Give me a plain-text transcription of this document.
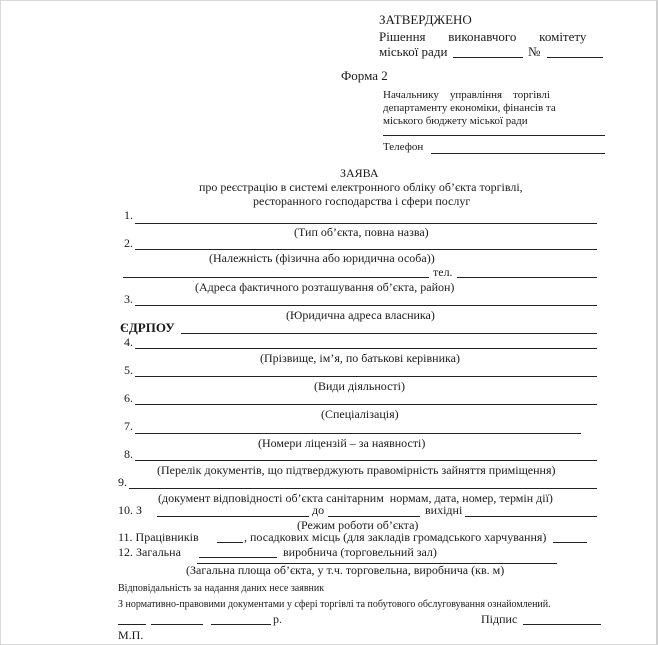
ЗАТВЕРДЖЕНО
Рішення       виконавчого       комітету
міської ради	№
Форма 2
Начальнику    управління    торгівлі
департаменту економіки, фінансів та
міського бюджету міської ради
Телефон
ЗАЯВА
про реєстрацію в системі електронного обліку об’єкта торгівлі,
ресторанного господарства і сфери послуг
1.
(Тип об’єкта, повна назва)
2.
(Належність (фізична або юридична особа))
тел.
(Адреса фактичного розташування об’єкта, район)
3.
(Юридична адреса власника)
ЄДРПОУ
4.
(Прізвище, ім’я, по батькові керівника)
5.
(Види діяльності)
6.
(Спеціалізація)
7.
(Номери ліцензій – за наявності)
8.
(Перелік документів, що підтверджують правомірність зайняття приміщення)
9.
(документ відповідності об’єкта санітарним  нормам, дата, номер, термін дії)
10. З	до	вихідні
(Режим роботи об’єкта)
11. Працівників	, посадкових місць (для закладів громадського харчування)
12. Загальна	виробнича (торговельний зал)
(Загальна площа об’єкта, у т.ч. торговельна, виробнича (кв. м)
Відповідальність за надання даних несе заявник
З нормативно-правовими документами у сфері торгівлі та побутового обслуговування ознайомлений.
р.	Підпис
М.П.
